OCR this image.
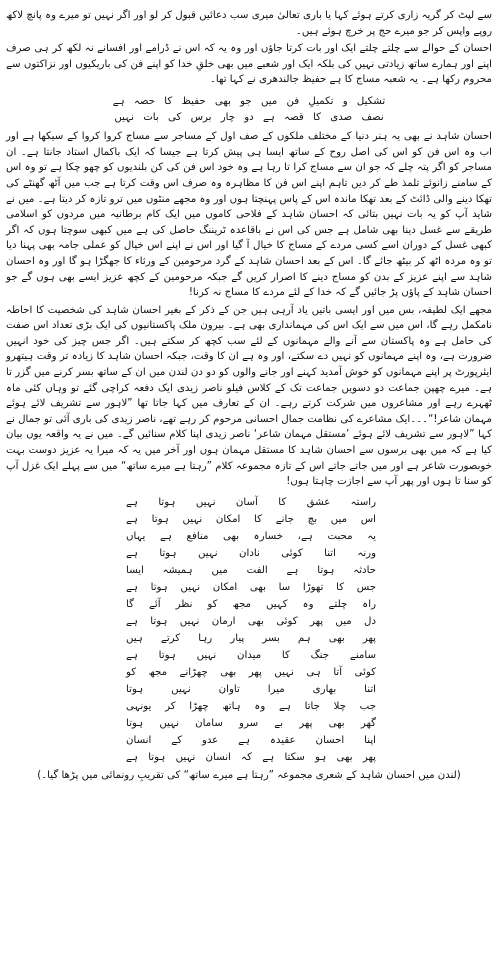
سے لپٹ کر گریہ زاری کرتے ہوئے کہا یا باری تعالیٰ میری سب دعائیں قبول کر لو اور اگر نہیں تو میرے وہ پانچ لاکھ روپے واپس کر جو میرے حج پر خرچ ہوئے ہیں۔

احسان کے حوالے سے چلتے چلتے ایک اور بات کرتا جاؤں اور وہ یہ کہ اس نے ڈرامے اور افسانے نہ لکھ کر ہی صرف اپنے اور ہمارے ساتھ زیادتی نہیں کی بلکہ ایک اور شعبے میں بھی خلقِ خدا کو اپنے فن کی باریکیوں اور نزاکتوں سے محروم رکھا ہے۔ یہ شعبہ مساج کا ہے حفیظ جالندھری نے کہا تھا۔

تشکیل و تکمیلِ فن میں جو بھی حفیظ کا حصہ ہے
نصف صدی کا قصہ ہے دو چار برس کی بات نہیں

احسان شاہد نے بھی یہ ہنر دنیا کے مختلف ملکوں کے صف اول کے مساجر سے مساج کروا کروا کے سیکھا ہے اور اب وہ اس فن کو اس کی اصل روح کے ساتھ ایسا ہی پیش کرتا ہے جیسا کہ ایک باکمال استاد جانتا ہے۔ ان مساجر کو اگر پتہ چلے کہ جو ان سے مساج کرا تا رہا ہے وہ خود اس فن کی کن بلندیوں کو چھو چکا ہے تو وہ اس کے سامنے زانوئے تلمذ طے کر دیں تاہم اپنے اس فن کا مظاہرہ وہ صرف اس وقت کرتا ہے جب میں آٹھ گھنٹے کی تھکا دینے والی ڈائٹ کے بعد تھکا ماندہ اس کے پاس پہنچتا ہوں اور وہ مجھے منٹوں میں ترو تازہ کر دیتا ہے۔ میں نے شاید آپ کو یہ بات نہیں بتائی کہ احسان شاہد کے فلاحی کاموں میں ایک کام برطانیہ میں مردوں کو اسلامی طریقے سے غسل دینا بھی شامل ہے جس کی اس نے باقاعدہ ٹریننگ حاصل کی ہے میں کبھی سوچتا ہوں کہ اگر کبھی غسل کے دوران اسے کسی مردے کے مساج کا خیال آ گیا اور اس نے اپنے اس خیال کو عملی جامہ بھی پہنا دیا تو وہ مردہ اٹھ کر بیٹھ جائے گا۔ اس کے بعد احسان شاہد کے گرد مرحومین کے ورثاء کا جھگڑا ہو گا اور وہ احسان شاہد سے اپنے عزیز کے بدن کو مساج دینے کا اصرار کریں گے جبکہ مرحومین کے کچھ عزیز ایسے بھی ہوں گے جو احسان شاہد کے پاؤں پڑ جائیں گے کہ خدا کے لئے مردے کا مساج نہ کرنا!

مجھے ایک لطیفہ، بس میں اور ایسی باتیں یاد آرہی ہیں جن کے ذکر کے بغیر احسان شاہد کی شخصیت کا احاطہ نامکمل رہے گا، اس میں سے ایک اس کی مہمانداری بھی ہے۔ بیرون ملک پاکستانیوں کی ایک بڑی تعداد اس صفت کی حامل ہے وہ پاکستان سے آنے والے مہمانوں کے لئے سب کچھ کر سکتے ہیں۔ اگر جس چیز کی خود انہیں ضرورت ہے، وہ اپنے مہمانوں کو نہیں دے سکتے، اور وہ ہے ان کا وقت، جبکہ احسان شاہد کا زیادہ تر وقت ہیتھرو ایئرپورٹ پر اپنے مہمانوں کو خوش آمدید کہنے اور جانے والوں کو دو دن لندن میں ان کے ساتھ بسر کرنے میں گزر تا ہے۔ میرے چھپن جماعت دو دسویں جماعت تک کے کلاس فیلو ناصر زیدی ایک دفعہ کراچی گئے تو وہاں کئی ماہ ٹھہرے رہے اور مشاعروں میں شرکت کرتے رہے۔ ان کے تعارف میں کہا جاتا تھا ”لاہور سے تشریف لائے ہوئے مہمان شاعر!“۔۔۔ایک مشاعرے کی نظامت جمال احسانی مرحوم کر رہے تھے، ناصر زیدی کی باری آئی تو جمال نے کہا ”لاہور سے تشریف لائے ہوئے ’مستقل مہمان شاعر‘ ناصر زیدی اپنا کلام سنائیں گے۔ میں نے یہ واقعہ یوں بیان کیا ہے کہ میں بھی برسوں سے احسان شاہد کا مستقل مہمان ہوں اور آخر میں یہ کہ میرا یہ عزیز دوست بہت خوبصورت شاعر ہے اور میں جاتے جاتے اس کے تازہ مجموعہ کلام ”رہتا ہے میرے ساتھ“ میں سے پہلے ایک غزل آپ کو سنا تا ہوں اور پھر آپ سے اجازت چاہتا ہوں!

راستہ عشق کا آسان نہیں ہوتا ہے
اس میں بچ جانے کا امکان نہیں ہوتا ہے
یہ محبت ہے، خسارہ بھی منافع ہے یہاں
ورنہ اتنا کوئی نادان نہیں ہوتا ہے
حادثہ ہوتا ہے الفت میں ہمیشہ ایسا
جس کا تھوڑا سا بھی امکان نہیں ہوتا ہے
راہ چلتے وہ کہیں مجھ کو نظر آئے گا
دل میں پھر کوئی بھی ارمان نہیں ہوتا ہے
پھر بھی ہم بسر پیار رہا کرتے ہیں
سامنے جنگ کا میدان نہیں ہوتا ہے
کوئی آتا ہی نہیں پھر بھی چھڑانے مجھ کو
اتنا بھاری میرا تاوان نہیں ہوتا
جب چلا جاتا ہے وہ ہاتھ چھڑا کر یونہی
گھر بھی پھر بے سرو سامان نہیں ہوتا
اپنا احسان عقیدہ ہے عدو کے انسان
پھر بھی ہو سکتا ہے کہ انسان نہیں ہوتا ہے
(لندن میں احسان شاہد کے شعری مجموعہ ”رہتا ہے میرے ساتھ“ کی تقریبِ رونمائی میں پڑھا گیا۔)
